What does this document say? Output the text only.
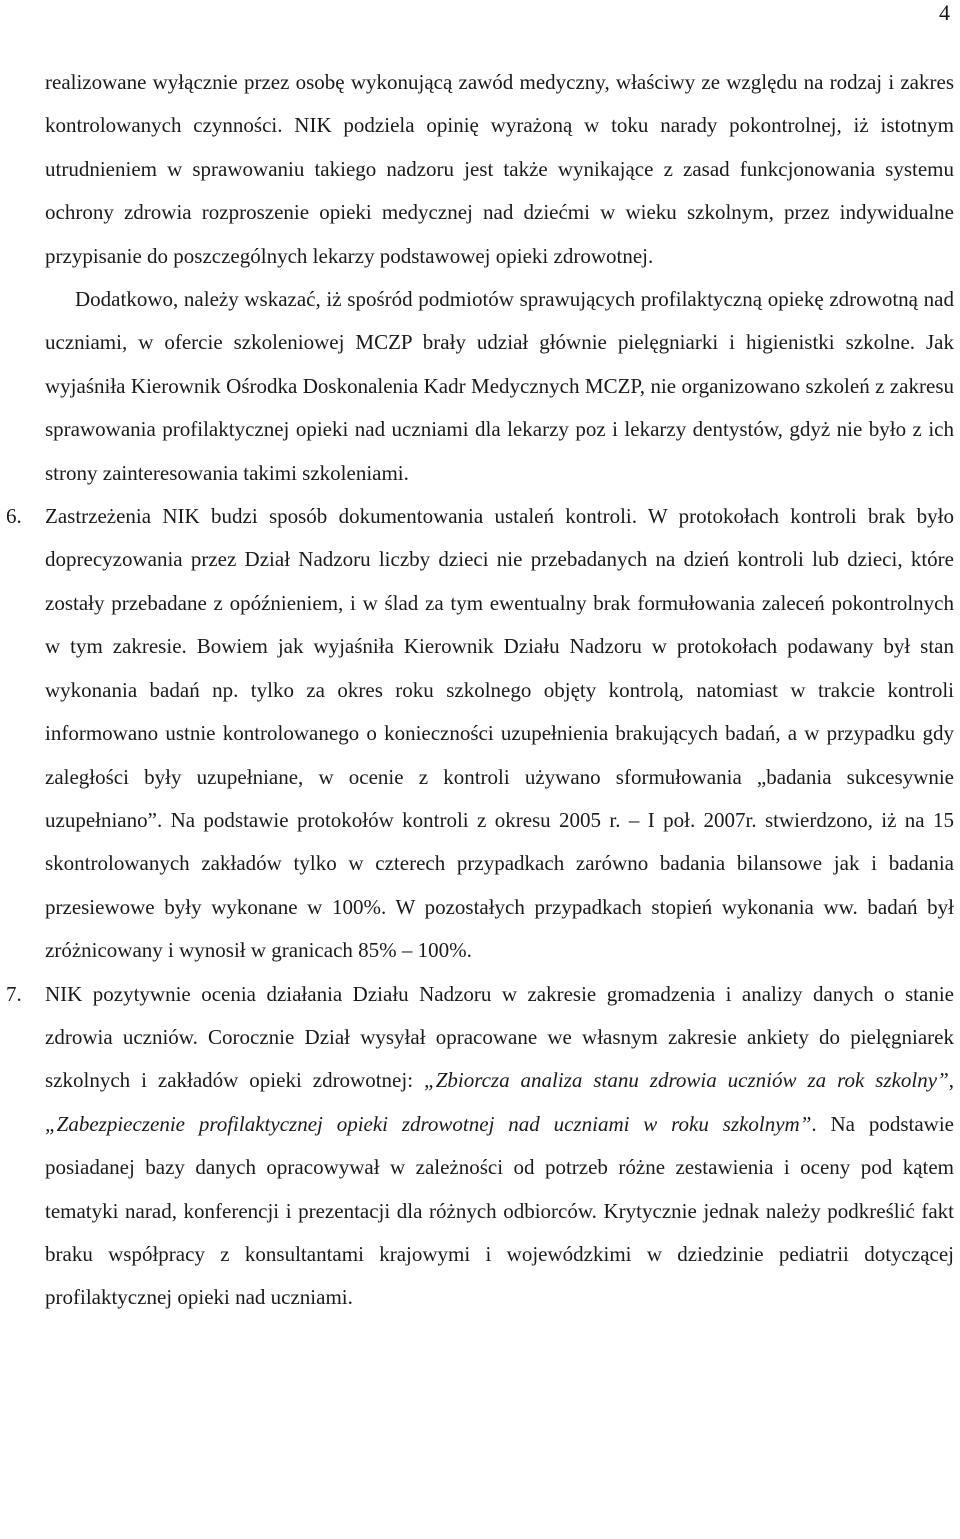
4

realizowane wyłącznie przez osobę wykonującą zawód medyczny, właściwy ze względu na rodzaj i zakres kontrolowanych czynności. NIK podziela opinię wyrażoną w toku narady pokontrolnej, iż istotnym utrudnieniem w sprawowaniu takiego nadzoru jest także wynikające z zasad funkcjonowania systemu ochrony zdrowia rozproszenie opieki medycznej nad dziećmi w wieku szkolnym, przez indywidualne przypisanie do poszczególnych lekarzy podstawowej opieki zdrowotnej.

Dodatkowo, należy wskazać, iż spośród podmiotów sprawujących profilaktyczną opiekę zdrowotną nad uczniami, w ofercie szkoleniowej MCZP brały udział głównie pielęgniarki i higienistki szkolne. Jak wyjaśniła Kierownik Ośrodka Doskonalenia Kadr Medycznych MCZP, nie organizowano szkoleń z zakresu sprawowania profilaktycznej opieki nad uczniami dla lekarzy poz i lekarzy dentystów, gdyż nie było z ich strony zainteresowania takimi szkoleniami.

6. Zastrzeżenia NIK budzi sposób dokumentowania ustaleń kontroli. W protokołach kontroli brak było doprecyzowania przez Dział Nadzoru liczby dzieci nie przebadanych na dzień kontroli lub dzieci, które zostały przebadane z opóźnieniem, i w ślad za tym ewentualny brak formułowania zaleceń pokontrolnych w tym zakresie. Bowiem jak wyjaśniła Kierownik Działu Nadzoru w protokołach podawany był stan wykonania badań np. tylko za okres roku szkolnego objęty kontrolą, natomiast w trakcie kontroli informowano ustnie kontrolowanego o konieczności uzupełnienia brakujących badań, a w przypadku gdy zaległości były uzupełniane, w ocenie z kontroli używano sformułowania „badania sukcesywnie uzupełniano”. Na podstawie protokołów kontroli z okresu 2005 r. – I poł. 2007r. stwierdzono, iż na 15 skontrolowanych zakładów tylko w czterech przypadkach zarówno badania bilansowe jak i badania przesiewowe były wykonane w 100%. W pozostałych przypadkach stopień wykonania ww. badań był zróżnicowany i wynosił w granicach 85% – 100%.

7. NIK pozytywnie ocenia działania Działu Nadzoru w zakresie gromadzenia i analizy danych o stanie zdrowia uczniów. Corocznie Dział wysyłał opracowane we własnym zakresie ankiety do pielęgniarek szkolnych i zakładów opieki zdrowotnej: „Zbiorcza analiza stanu zdrowia uczniów za rok szkolny”, „Zabezpieczenie profilaktycznej opieki zdrowotnej nad uczniami w roku szkolnym”. Na podstawie posiadanej bazy danych opracowywał w zależności od potrzeb różne zestawienia i oceny pod kątem tematyki narad, konferencji i prezentacji dla różnych odbiorców. Krytycznie jednak należy podkreślić fakt braku współpracy z konsultantami krajowymi i wojewódzkimi w dziedzinie pediatrii dotyczącej profilaktycznej opieki nad uczniami.
